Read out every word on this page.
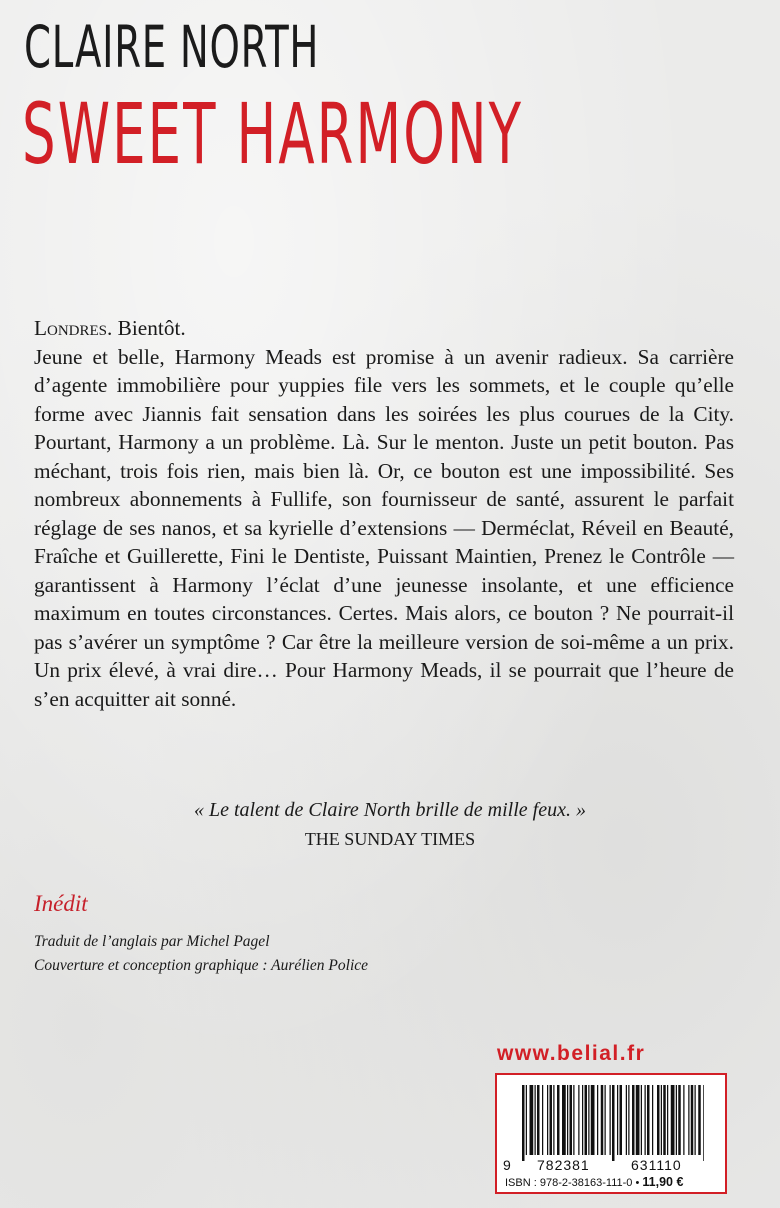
CLAIRE NORTH
SWEET HARMONY

Londres. Bientôt.

Jeune et belle, Harmony Meads est promise à un avenir radieux. Sa carrière d’agente immobilière pour yuppies file vers les sommets, et le couple qu’elle forme avec Jiannis fait sensation dans les soirées les plus courues de la City. Pourtant, Harmony a un problème. Là. Sur le menton. Juste un petit bouton. Pas méchant, trois fois rien, mais bien là. Or, ce bouton est une impossibilité. Ses nombreux abonnements à Fullife, son fournisseur de santé, assurent le parfait réglage de ses nanos, et sa kyrielle d’extensions — Derméclat, Réveil en Beauté, Fraîche et Guillerette, Fini le Dentiste, Puissant Maintien, Prenez le Contrôle — garantissent à Harmony l’éclat d’une jeunesse insolante, et une efficience maximum en toutes circonstances. Certes. Mais alors, ce bouton ? Ne pourrait-il pas s’avérer un symptôme ? Car être la meilleure version de soi-même a un prix. Un prix élevé, à vrai dire… Pour Harmony Meads, il se pourrait que l’heure de s’en acquitter ait sonné.

« Le talent de Claire North brille de mille feux. »
THE SUNDAY TIMES
Inédit
Traduit de l’anglais par Michel Pagel
Couverture et conception graphique : Aurélien Police
www.belial.fr
9 782381	631110
ISBN : 978-2-38163-111-0 • 11,90 €
